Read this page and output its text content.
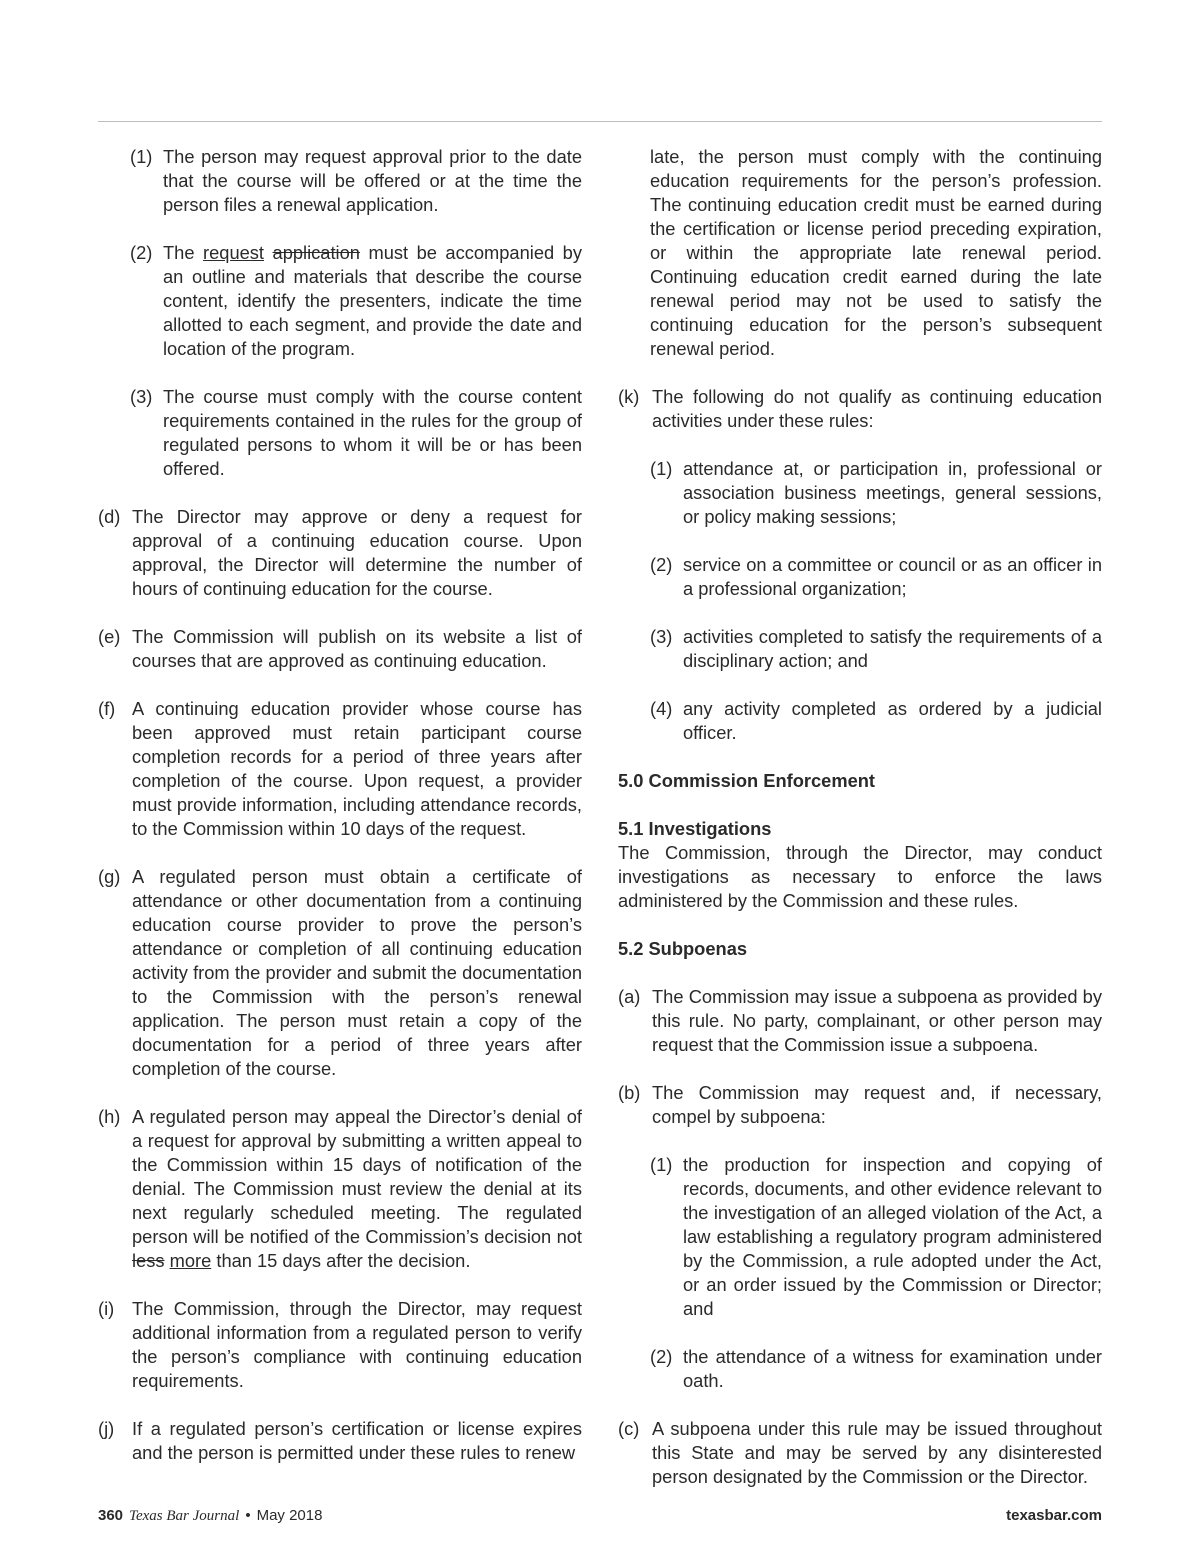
(1) The person may request approval prior to the date that the course will be offered or at the time the person files a renewal application.
(2) The request application must be accompanied by an outline and materials that describe the course content, identify the presenters, indicate the time allotted to each segment, and provide the date and location of the program.
(3) The course must comply with the course content requirements contained in the rules for the group of regulated persons to whom it will be or has been offered.
(d) The Director may approve or deny a request for approval of a continuing education course. Upon approval, the Director will determine the number of hours of continuing education for the course.
(e) The Commission will publish on its website a list of courses that are approved as continuing education.
(f) A continuing education provider whose course has been approved must retain participant course completion records for a period of three years after completion of the course. Upon request, a provider must provide information, including attendance records, to the Commission within 10 days of the request.
(g) A regulated person must obtain a certificate of attendance or other documentation from a continuing education course provider to prove the person’s attendance or completion of all continuing education activity from the provider and submit the documentation to the Commission with the person’s renewal application. The person must retain a copy of the documentation for a period of three years after completion of the course.
(h) A regulated person may appeal the Director’s denial of a request for approval by submitting a written appeal to the Commission within 15 days of notification of the denial. The Commission must review the denial at its next regularly scheduled meeting. The regulated person will be notified of the Commission’s decision not less more than 15 days after the decision.
(i) The Commission, through the Director, may request additional information from a regulated person to verify the person’s compliance with continuing education requirements.
(j) If a regulated person’s certification or license expires and the person is permitted under these rules to renew
late, the person must comply with the continuing education requirements for the person’s profession. The continuing education credit must be earned during the certification or license period preceding expiration, or within the appropriate late renewal period. Continuing education credit earned during the late renewal period may not be used to satisfy the continuing education for the person’s subsequent renewal period.
(k) The following do not qualify as continuing education activities under these rules:
(1) attendance at, or participation in, professional or association business meetings, general sessions, or policy making sessions;
(2) service on a committee or council or as an officer in a professional organization;
(3) activities completed to satisfy the requirements of a disciplinary action; and
(4) any activity completed as ordered by a judicial officer.
5.0 Commission Enforcement
5.1 Investigations
The Commission, through the Director, may conduct investigations as necessary to enforce the laws administered by the Commission and these rules.
5.2 Subpoenas
(a) The Commission may issue a subpoena as provided by this rule. No party, complainant, or other person may request that the Commission issue a subpoena.
(b) The Commission may request and, if necessary, compel by subpoena:
(1) the production for inspection and copying of records, documents, and other evidence relevant to the investigation of an alleged violation of the Act, a law establishing a regulatory program administered by the Commission, a rule adopted under the Act, or an order issued by the Commission or Director; and
(2) the attendance of a witness for examination under oath.
(c) A subpoena under this rule may be issued throughout this State and may be served by any disinterested person designated by the Commission or the Director.
360 Texas Bar Journal • May 2018	texasbar.com
